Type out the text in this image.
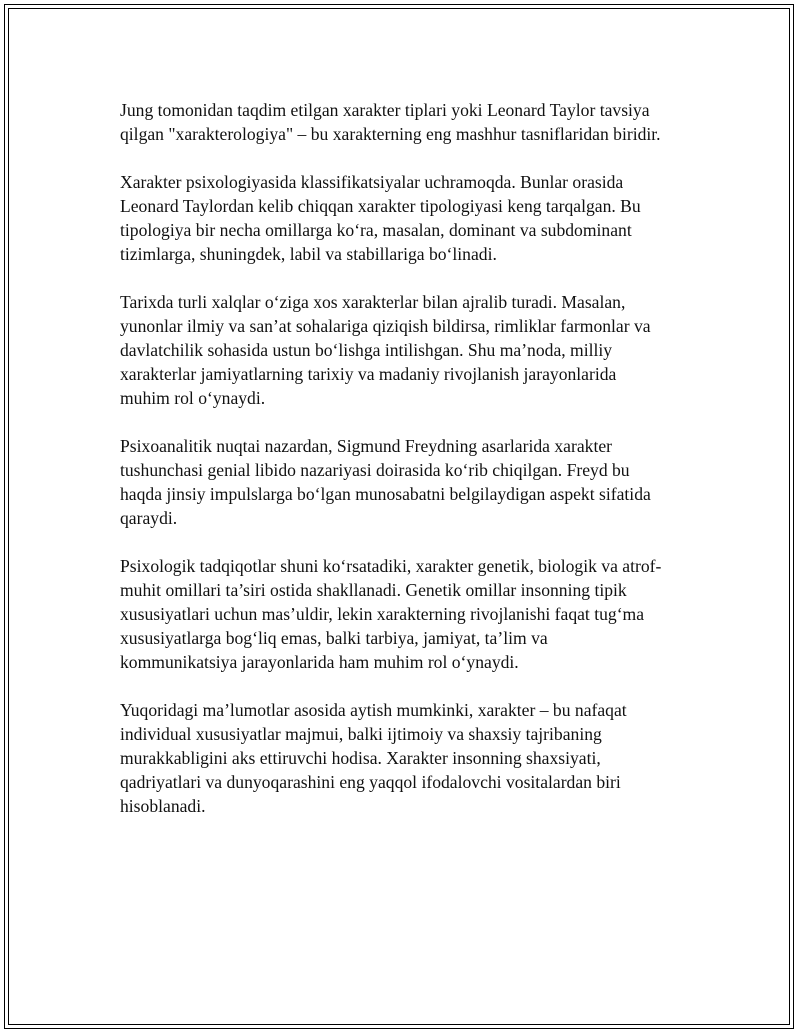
Jung tomonidan taqdim etilgan xarakter tiplari yoki Leonard Taylor tavsiya
qilgan "xarakterologiya" – bu xarakterning eng mashhur tasniflaridan biridir.

Xarakter psixologiyasida klassifikatsiyalar uchramoqda. Bunlar orasida
Leonard Taylordan kelib chiqqan xarakter tipologiyasi keng tarqalgan. Bu
tipologiya bir necha omillarga ko‘ra, masalan, dominant va subdominant
tizimlarga, shuningdek, labil va stabillariga bo‘linadi.

Tarixda turli xalqlar o‘ziga xos xarakterlar bilan ajralib turadi. Masalan,
yunonlar ilmiy va san’at sohalariga qiziqish bildirsa, rimliklar farmonlar va
davlatchilik sohasida ustun bo‘lishga intilishgan. Shu ma’noda, milliy
xarakterlar jamiyatlarning tarixiy va madaniy rivojlanish jarayonlarida
muhim rol o‘ynaydi.

Psixoanalitik nuqtai nazardan, Sigmund Freydning asarlarida xarakter
tushunchasi genial libido nazariyasi doirasida ko‘rib chiqilgan. Freyd bu
haqda jinsiy impulslarga bo‘lgan munosabatni belgilaydigan aspekt sifatida
qaraydi.

Psixologik tadqiqotlar shuni ko‘rsatadiki, xarakter genetik, biologik va atrof-
muhit omillari ta’siri ostida shakllanadi. Genetik omillar insonning tipik
xususiyatlari uchun mas’uldir, lekin xarakterning rivojlanishi faqat tug‘ma
xususiyatlarga bog‘liq emas, balki tarbiya, jamiyat, ta’lim va
kommunikatsiya jarayonlarida ham muhim rol o‘ynaydi.

Yuqoridagi ma’lumotlar asosida aytish mumkinki, xarakter – bu nafaqat
individual xususiyatlar majmui, balki ijtimoiy va shaxsiy tajribaning
murakkabligini aks ettiruvchi hodisa. Xarakter insonning shaxsiyati,
qadriyatlari va dunyoqarashini eng yaqqol ifodalovchi vositalardan biri
hisoblanadi.
